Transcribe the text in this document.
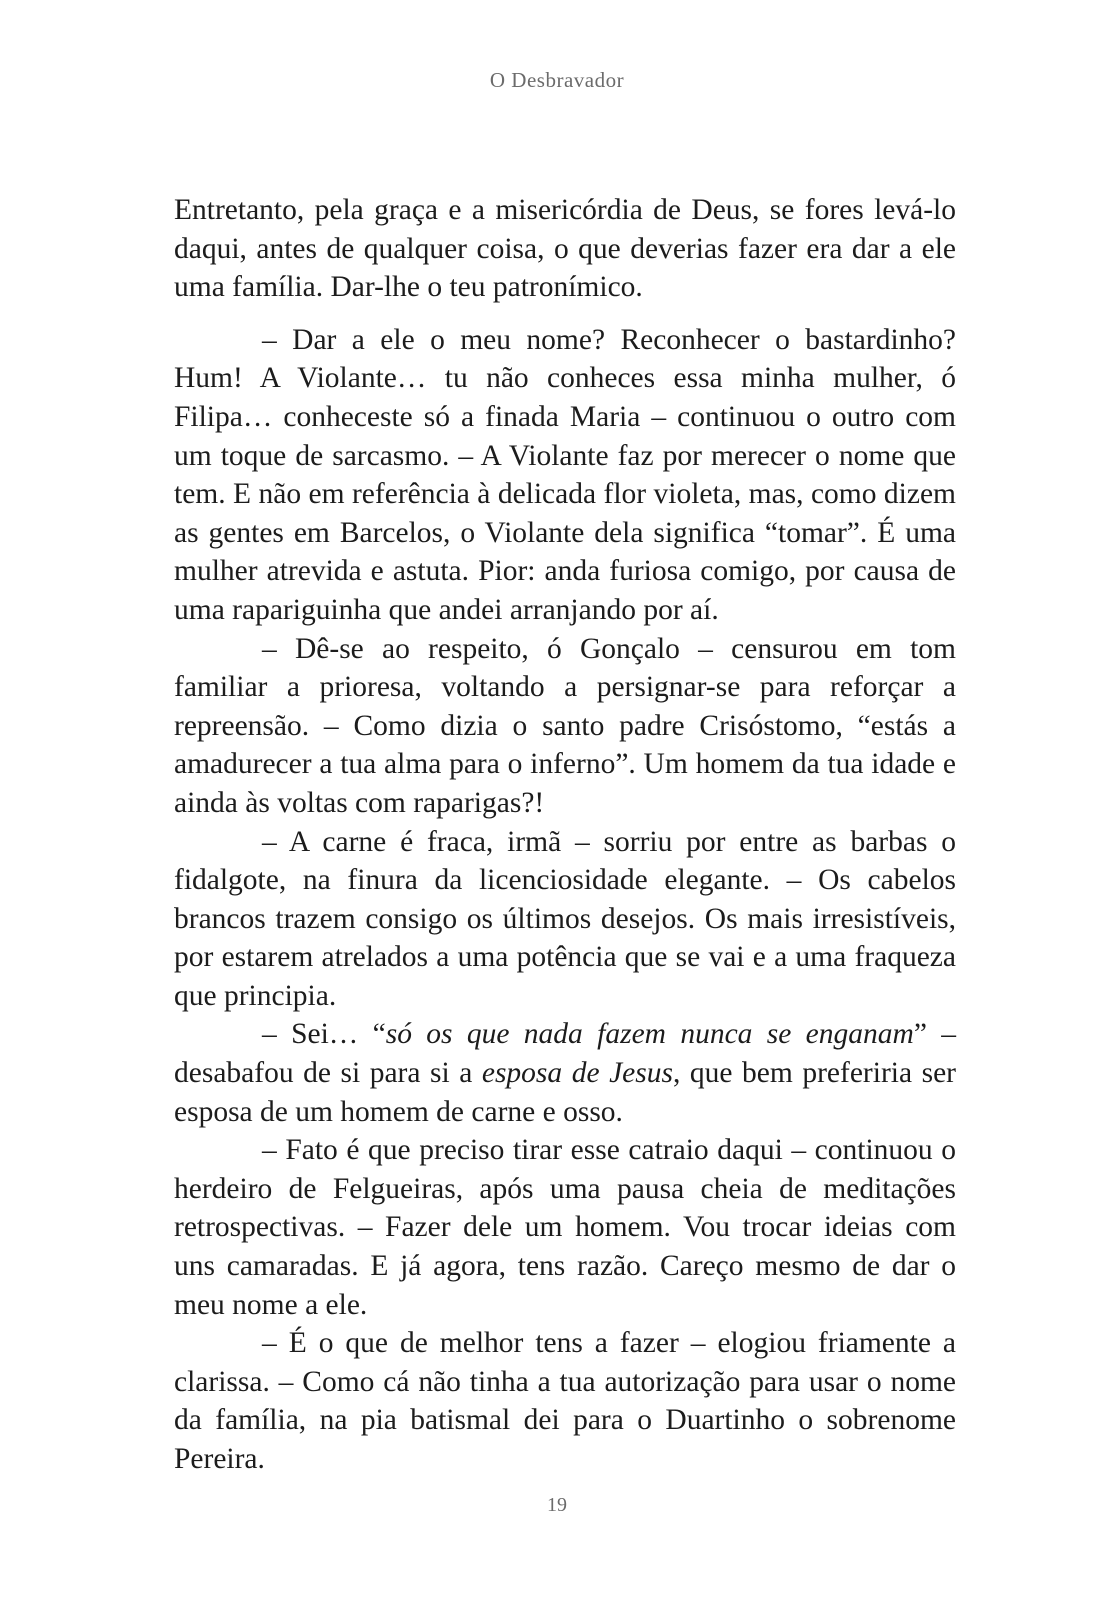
O Desbravador

Entretanto, pela graça e a misericórdia de Deus, se fores levá-lo daqui, antes de qualquer coisa, o que deverias fazer era dar a ele uma família. Dar-lhe o teu patronímico.

– Dar a ele o meu nome? Reconhecer o bastardinho? Hum! A Violante… tu não conheces essa minha mulher, ó Filipa… conheceste só a finada Maria – continuou o outro com um toque de sarcasmo. – A Violante faz por merecer o nome que tem. E não em referência à delicada flor violeta, mas, como dizem as gentes em Barcelos, o Violante dela significa “tomar”. É uma mulher atrevida e astuta. Pior: anda furiosa comigo, por causa de uma rapariguinha que andei arranjando por aí.

– Dê-se ao respeito, ó Gonçalo – censurou em tom familiar a prioresa, voltando a persignar-se para reforçar a repreensão. – Como dizia o santo padre Crisóstomo, “estás a amadurecer a tua alma para o inferno”. Um homem da tua idade e ainda às voltas com raparigas?!

– A carne é fraca, irmã – sorriu por entre as barbas o fidalgote, na finura da licenciosidade elegante. – Os cabelos brancos trazem consigo os últimos desejos. Os mais irresistíveis, por estarem atrelados a uma potência que se vai e a uma fraqueza que principia.

– Sei… “só os que nada fazem nunca se enganam” – desabafou de si para si a esposa de Jesus, que bem preferiria ser esposa de um homem de carne e osso.

– Fato é que preciso tirar esse catraio daqui – continuou o herdeiro de Felgueiras, após uma pausa cheia de meditações retrospectivas. – Fazer dele um homem. Vou trocar ideias com uns camaradas. E já agora, tens razão. Careço mesmo de dar o meu nome a ele.

– É o que de melhor tens a fazer – elogiou friamente a clarissa. – Como cá não tinha a tua autorização para usar o nome da família, na pia batismal dei para o Duartinho o sobrenome Pereira.

19
